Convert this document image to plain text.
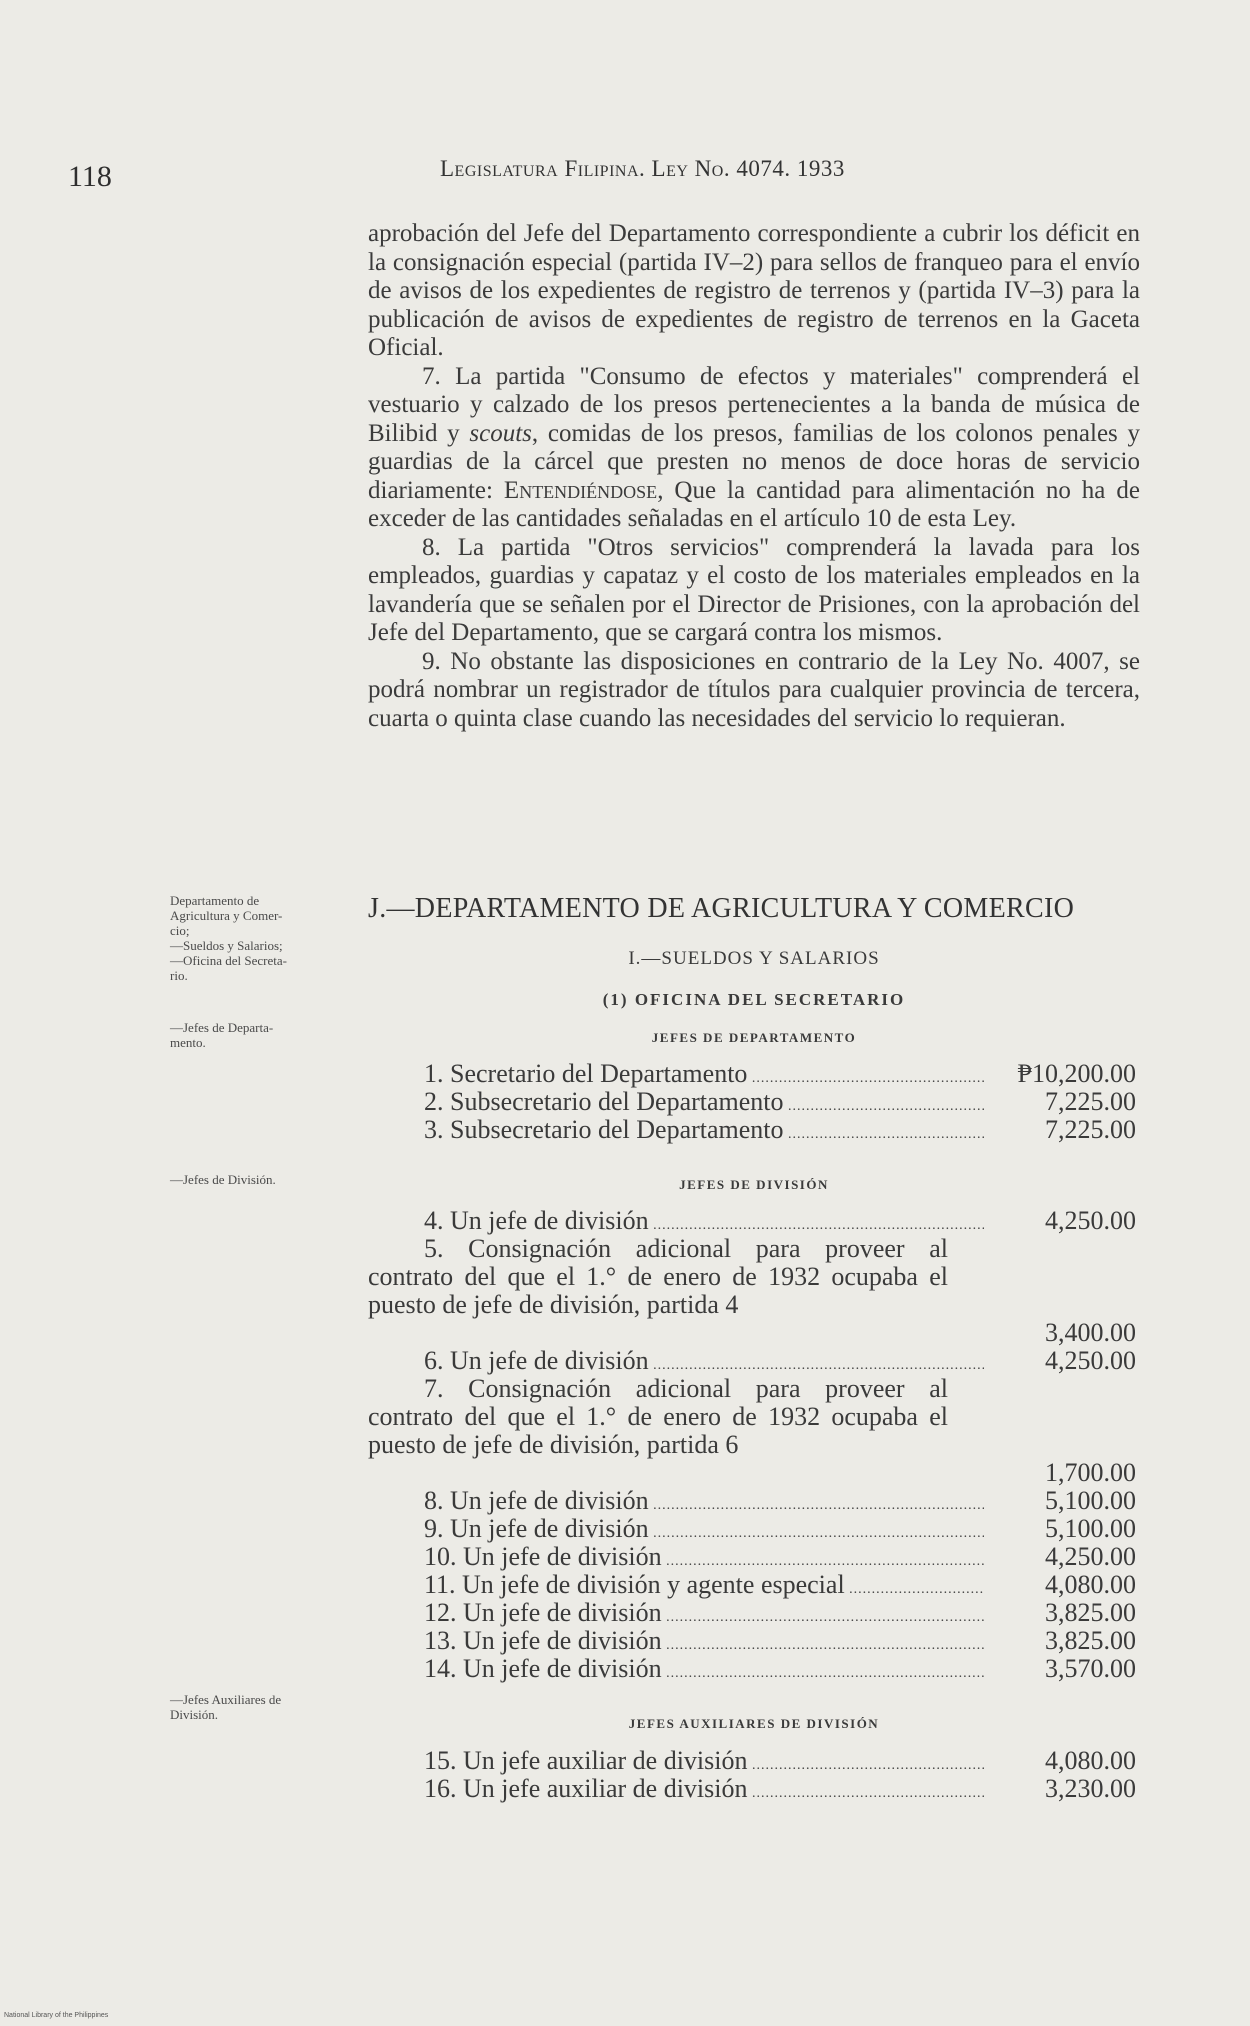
118	Legislatura Filipina. Ley No. 4074. 1933

aprobación del Jefe del Departamento correspondiente a cubrir los déficit en la consignación especial (partida IV–2) para sellos de franqueo para el envío de avisos de los expedientes de registro de terrenos y (partida IV–3) para la publicación de avisos de expedientes de registro de terrenos en la Gaceta Oficial.

7. La partida "Consumo de efectos y materiales" comprenderá el vestuario y calzado de los presos pertenecientes a la banda de música de Bilibid y scouts, comidas de los presos, familias de los colonos penales y guardias de la cárcel que presten no menos de doce horas de servicio diariamente: Entendiéndose, Que la cantidad para alimentación no ha de exceder de las cantidades señaladas en el artículo 10 de esta Ley.

8. La partida "Otros servicios" comprenderá la lavada para los empleados, guardias y capataz y el costo de los materiales empleados en la lavandería que se señalen por el Director de Prisiones, con la aprobación del Jefe del Departamento, que se cargará contra los mismos.

9. No obstante las disposiciones en contrario de la Ley No. 4007, se podrá nombrar un registrador de títulos para cualquier provincia de tercera, cuarta o quinta clase cuando las necesidades del servicio lo requieran.

Departamento de
Agricultura y Comer-
cio;
—Sueldos y Salarios;
—Oficina del Secreta-
rio.
—Jefes de Departa-
mento.
—Jefes de División.
—Jefes Auxiliares de
División.
J.—DEPARTAMENTO DE AGRICULTURA Y COMERCIO
I.—SUELDOS Y SALARIOS
(1) OFICINA DEL SECRETARIO
JEFES DE DEPARTAMENTO
1. Secretario del Departamento .....	₱10,200.00
2. Subsecretario del Departamento .....	7,225.00
3. Subsecretario del Departamento .....	7,225.00
JEFES DE DIVISIÓN
4. Un jefe de división .....	4,250.00
5. Consignación adicional para proveer al contrato del que el 1.° de enero de 1932 ocupaba el puesto de jefe de división, partida 4
3,400.00
6. Un jefe de división .....	4,250.00
7. Consignación adicional para proveer al contrato del que el 1.° de enero de 1932 ocupaba el puesto de jefe de división, partida 6
1,700.00
8. Un jefe de división .....	5,100.00
9. Un jefe de división .....	5,100.00
10. Un jefe de división .....	4,250.00
11. Un jefe de división y agente especial .....	4,080.00
12. Un jefe de división .....	3,825.00
13. Un jefe de división .....	3,825.00
14. Un jefe de división .....	3,570.00
JEFES AUXILIARES DE DIVISIÓN
15. Un jefe auxiliar de división .....	4,080.00
16. Un jefe auxiliar de división .....	3,230.00
National Library of the Philippines
